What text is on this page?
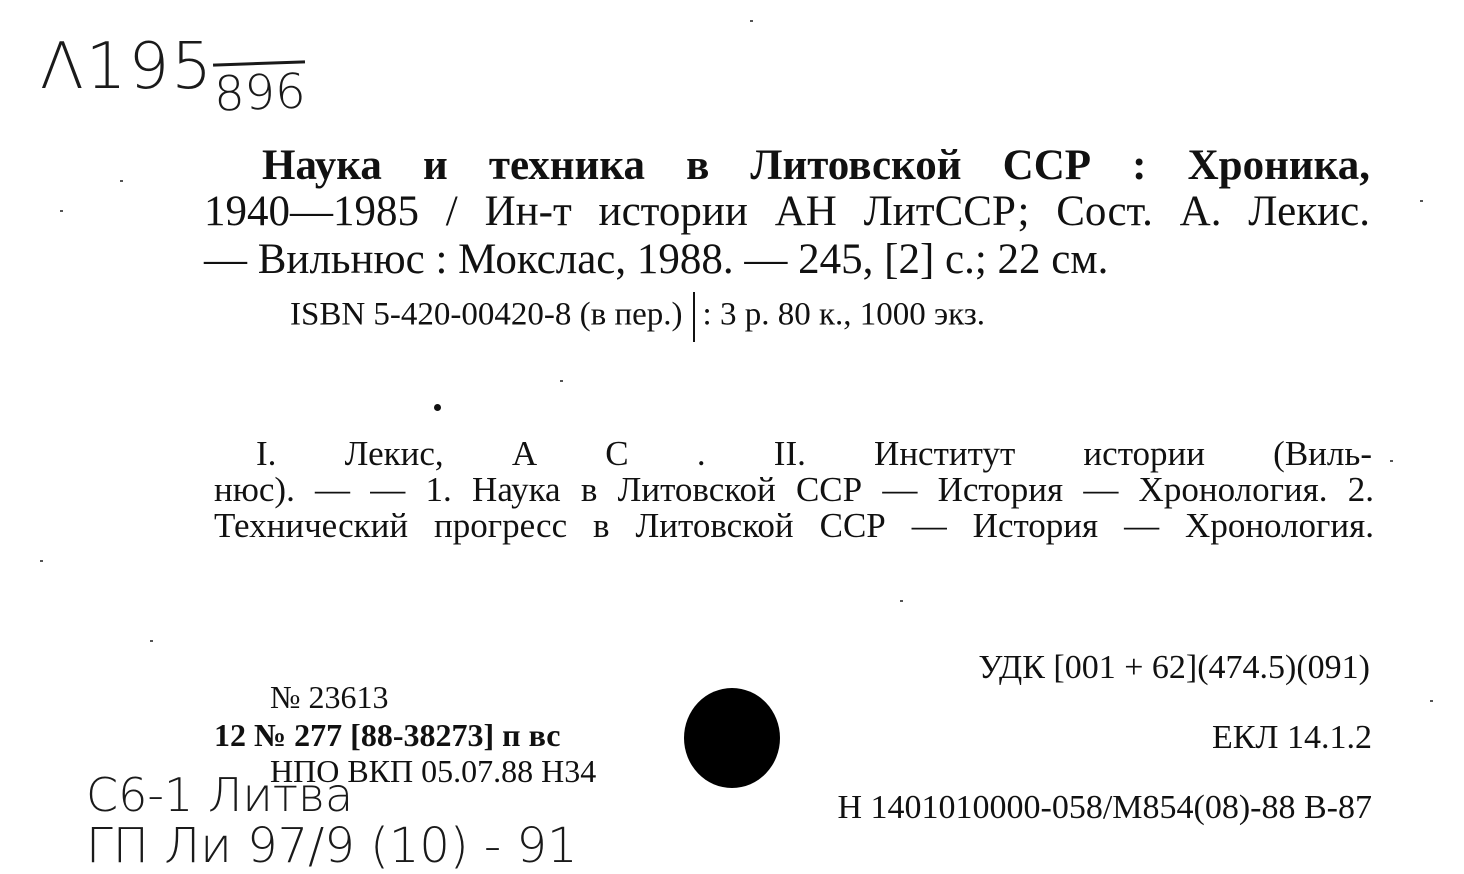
Λ195 896
Наука и техника в Литовской ССР : Хроника,
1940—1985 / Ин-т истории АН ЛитССР; Сост. А. Лекис.
— Вильнюс : Мокслас, 1988. — 245, [2] с.; 22 см.
ISBN 5-420-00420-8 (в пер.) : 3 р. 80 к., 1000 экз.
I. Лекис, А С . II. Институт истории (Виль-
нюс). — — 1. Наука в Литовской ССР — История — Хронология. 2.
Технический прогресс в Литовской ССР — История — Хронология.
УДК [001 + 62](474.5)(091)
ЕКЛ 14.1.2
Н 1401010000-058/М854(08)-88 В-87
№ 23613
12 № 277 [88-38273] п вс
НПО ВКП 05.07.88 Н34
С6-1 Литва
ГП Ли 97/9 (10) - 91
